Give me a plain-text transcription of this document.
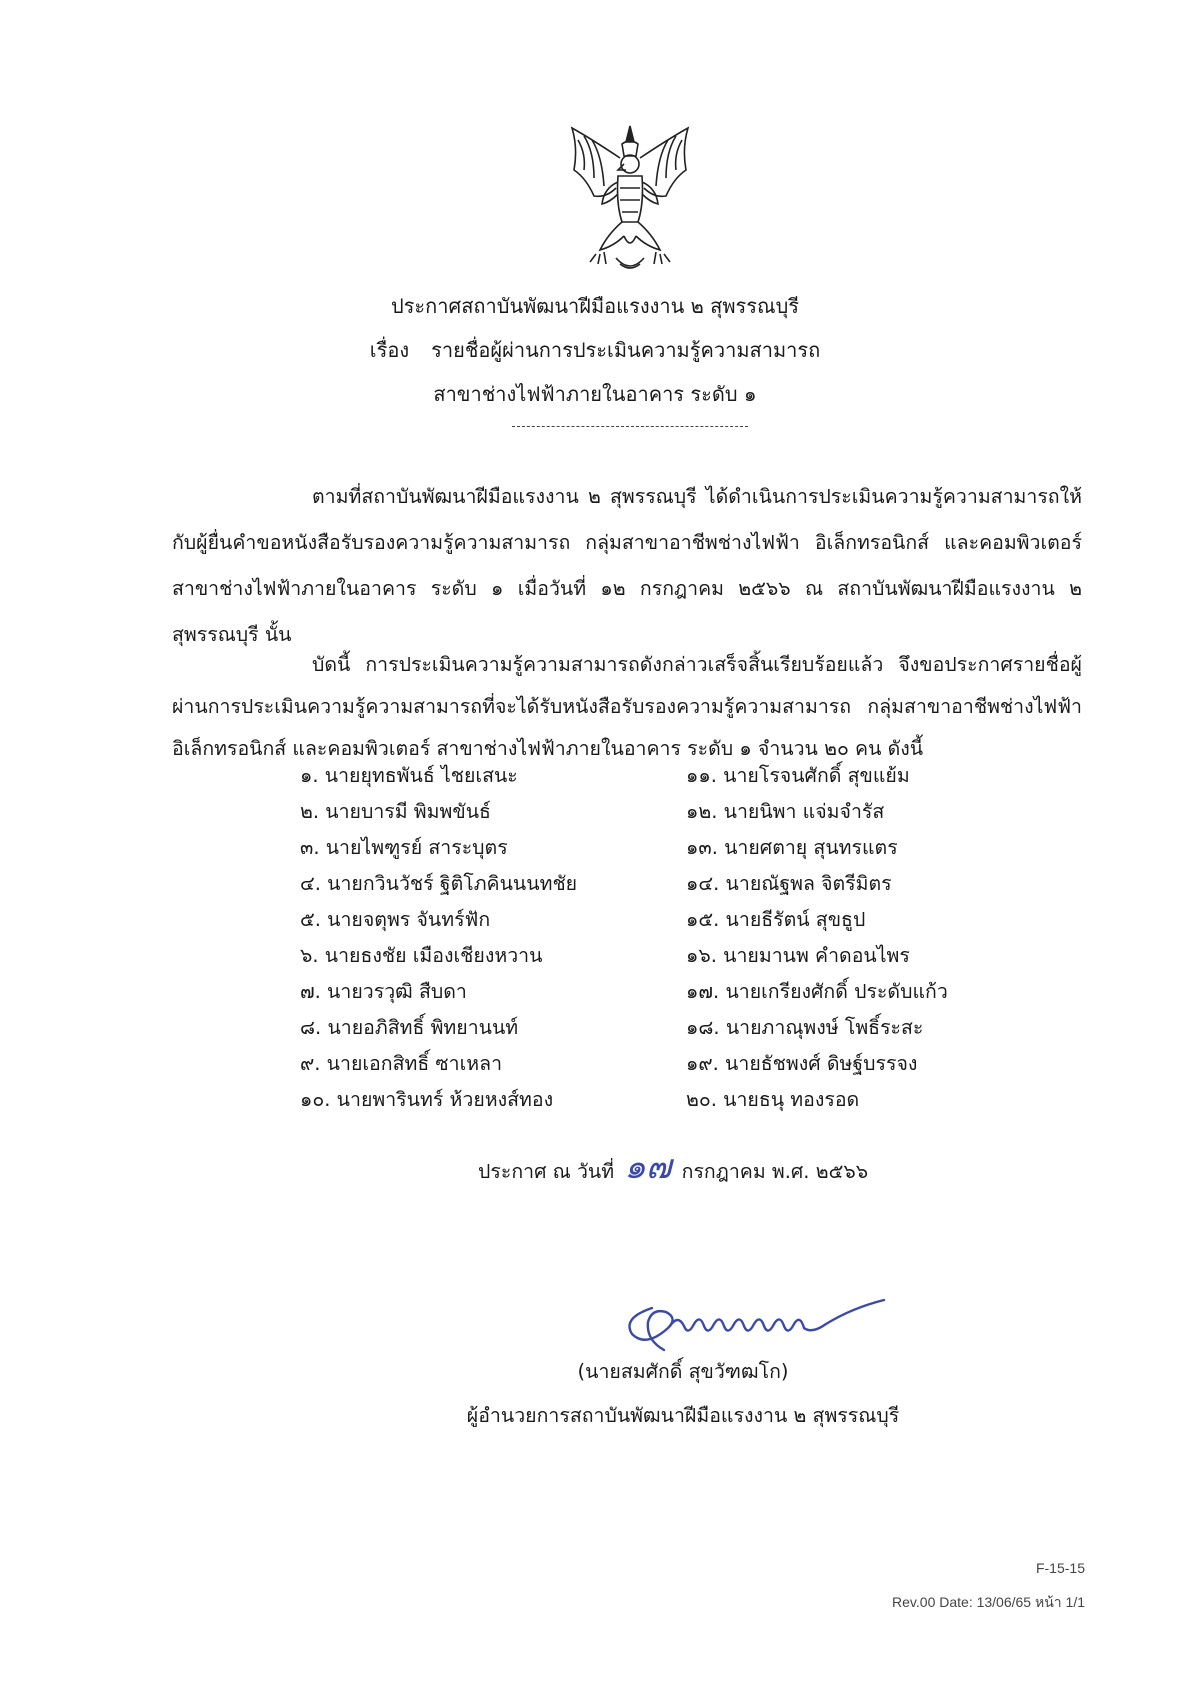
ประกาศสถาบันพัฒนาฝีมือแรงงาน ๒ สุพรรณบุรี
เรื่อง รายชื่อผู้ผ่านการประเมินความรู้ความสามารถ
สาขาช่างไฟฟ้าภายในอาคาร ระดับ ๑
ตามที่สถาบันพัฒนาฝีมือแรงงาน ๒ สุพรรณบุรี ได้ดำเนินการประเมินความรู้ความสามารถให้กับผู้ยื่นคำขอหนังสือรับรองความรู้ความสามารถ กลุ่มสาขาอาชีพช่างไฟฟ้า อิเล็กทรอนิกส์ และคอมพิวเตอร์ สาขาช่างไฟฟ้าภายในอาคาร ระดับ ๑ เมื่อวันที่ ๑๒ กรกฎาคม ๒๕๖๖ ณ สถาบันพัฒนาฝีมือแรงงาน ๒ สุพรรณบุรี นั้น
บัดนี้ การประเมินความรู้ความสามารถดังกล่าวเสร็จสิ้นเรียบร้อยแล้ว จึงขอประกาศรายชื่อผู้ผ่านการประเมินความรู้ความสามารถที่จะได้รับหนังสือรับรองความรู้ความสามารถ กลุ่มสาขาอาชีพช่างไฟฟ้า อิเล็กทรอนิกส์ และคอมพิวเตอร์ สาขาช่างไฟฟ้าภายในอาคาร ระดับ ๑ จำนวน ๒๐ คน ดังนี้
๑. นายยุทธพันธ์ ไชยเสนะ
๒. นายบารมี พิมพขันธ์
๓. นายไพฑูรย์ สาระบุตร
๔. นายกวินวัชร์ ฐิติโภคินนนทชัย
๕. นายจตุพร จันทร์ฟัก
๖. นายธงชัย เมืองเชียงหวาน
๗. นายวรวุฒิ สืบดา
๘. นายอภิสิทธิ์ พิทยานนท์
๙. นายเอกสิทธิ์ ซาเหลา
๑๐. นายพารินทร์ ห้วยหงส์ทอง
๑๑. นายโรจนศักดิ์ สุขแย้ม
๑๒. นายนิพา แจ่มจำรัส
๑๓. นายศตายุ สุนทรแตร
๑๔. นายณัฐพล จิตรีมิตร
๑๕. นายธีรัตน์ สุขธูป
๑๖. นายมานพ คำดอนไพร
๑๗. นายเกรียงศักดิ์ ประดับแก้ว
๑๘. นายภาณุพงษ์ โพธิ์ระสะ
๑๙. นายธัชพงศ์ ดิษฐ์บรรจง
๒๐. นายธนุ ทองรอด
ประกาศ ณ วันที่ ๑๗ กรกฎาคม พ.ศ. ๒๕๖๖
(นายสมศักดิ์ สุขวัฑฒโก)
ผู้อำนวยการสถาบันพัฒนาฝีมือแรงงาน ๒ สุพรรณบุรี
F-15-15
Rev.00 Date: 13/06/65 หน้า 1/1
